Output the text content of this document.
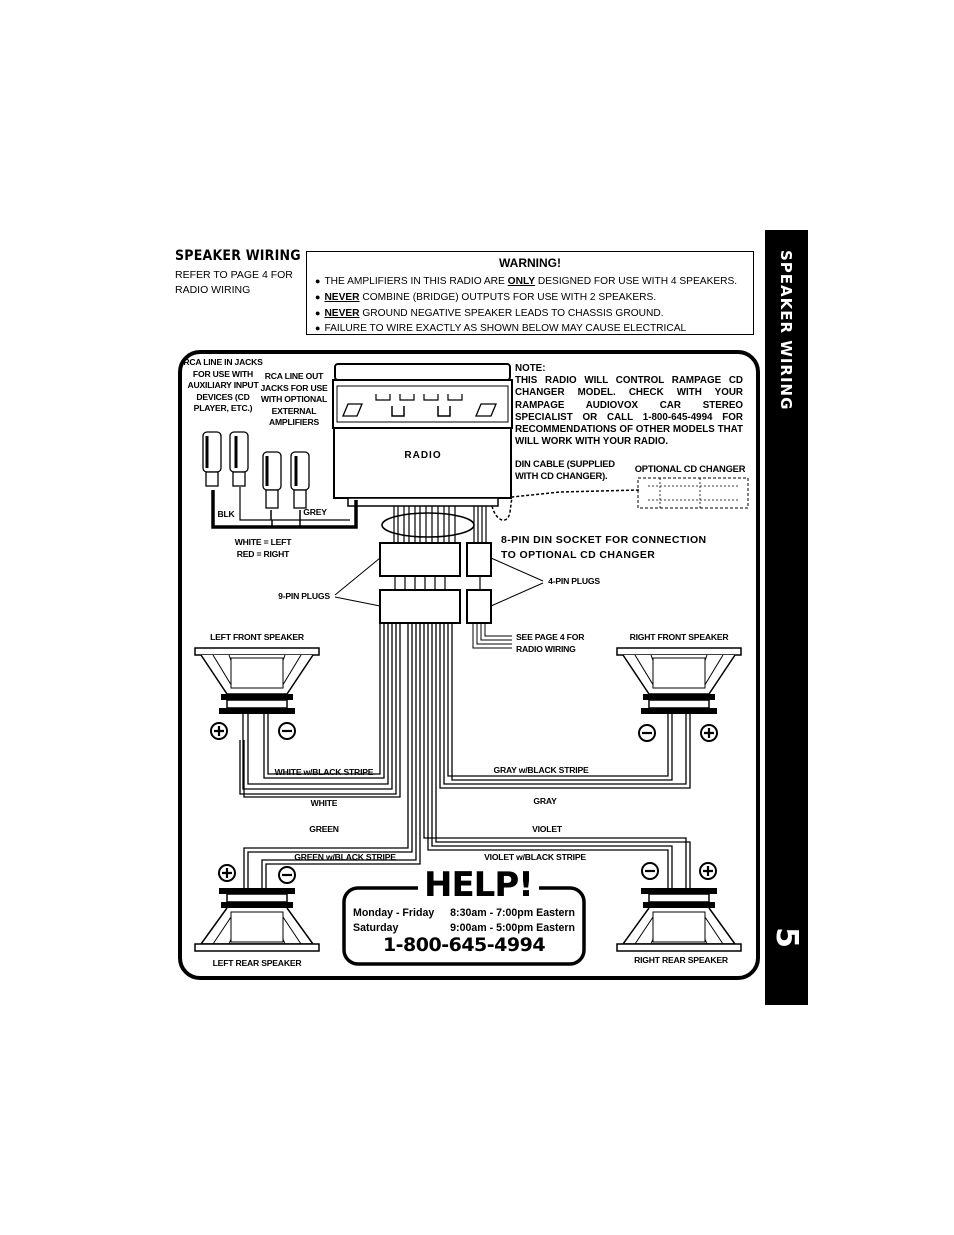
SPEAKER WIRING
REFER TO PAGE 4 FOR RADIO WIRING
WARNING!
● THE AMPLIFIERS IN THIS RADIO ARE ONLY DESIGNED FOR USE WITH 4 SPEAKERS.
● NEVER COMBINE (BRIDGE) OUTPUTS FOR USE WITH 2 SPEAKERS.
● NEVER GROUND NEGATIVE SPEAKER LEADS TO CHASSIS GROUND.
● FAILURE TO WIRE EXACTLY AS SHOWN BELOW MAY CAUSE ELECTRICAL	SPEAKER WIRING
5
RCA LINE IN JACKS FOR USE WITH AUXILIARY INPUT DEVICES (CD PLAYER, ETC.)
RCA LINE OUT JACKS FOR USE WITH OPTIONAL EXTERNAL AMPLIFIERS
BLK	GREY
WHITE = LEFT
RED = RIGHT
RADIO
NOTE:
THIS RADIO WILL CONTROL RAMPAGE CD CHANGER MODEL. CHECK WITH YOUR RAMPAGE AUDIOVOX CAR STEREO SPECIALIST OR CALL 1-800-645-4994 FOR RECOMMENDATIONS OF OTHER MODELS THAT WILL WORK WITH YOUR RADIO.
DIN CABLE (SUPPLIED WITH CD CHANGER).
OPTIONAL CD CHANGER
8-PIN DIN SOCKET FOR CONNECTION TO OPTIONAL CD CHANGER
4-PIN PLUGS
9-PIN PLUGS
SEE PAGE 4 FOR RADIO WIRING
LEFT FRONT SPEAKER	RIGHT FRONT SPEAKER
LEFT REAR SPEAKER	RIGHT REAR SPEAKER
WHITE w/BLACK STRIPE
WHITE
GRAY w/BLACK STRIPE
GRAY
GREEN	VIOLET
GREEN w/BLACK STRIPE	VIOLET w/BLACK STRIPE
HELP!
Monday - Friday 8:30am - 7:00pm Eastern
Saturday	9:00am - 5:00pm Eastern
1-800-645-4994
